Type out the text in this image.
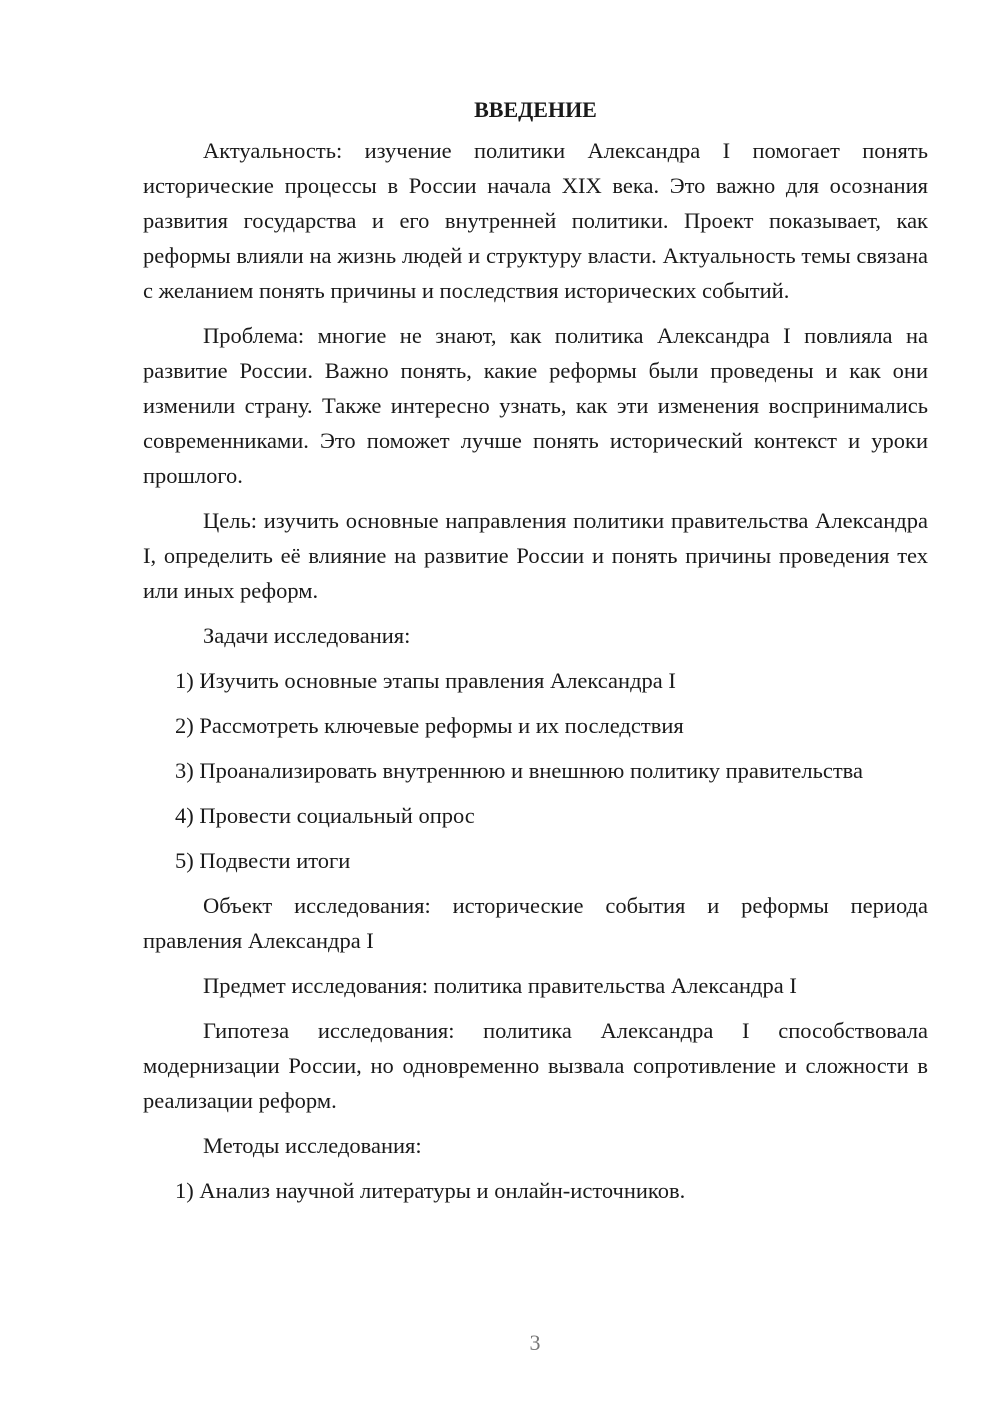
ВВЕДЕНИЕ

Актуальность: изучение политики Александра I помогает понять исторические процессы в России начала XIX века. Это важно для осознания развития государства и его внутренней политики. Проект показывает, как реформы влияли на жизнь людей и структуру власти. Актуальность темы связана с желанием понять причины и последствия исторических событий.

Проблема: многие не знают, как политика Александра I повлияла на развитие России. Важно понять, какие реформы были проведены и как они изменили страну. Также интересно узнать, как эти изменения воспринимались современниками. Это поможет лучше понять исторический контекст и уроки прошлого.

Цель: изучить основные направления политики правительства Александра I, определить её влияние на развитие России и понять причины проведения тех или иных реформ.

Задачи исследования:

1) Изучить основные этапы правления Александра I

2) Рассмотреть ключевые реформы и их последствия

3) Проанализировать внутреннюю и внешнюю политику правительства

4) Провести социальный опрос

5) Подвести итоги

Объект исследования: исторические события и реформы периода правления Александра I

Предмет исследования: политика правительства Александра I

Гипотеза исследования: политика Александра I способствовала модернизации России, но одновременно вызвала сопротивление и сложности в реализации реформ.

Методы исследования:

1) Анализ научной литературы и онлайн-источников.

3
